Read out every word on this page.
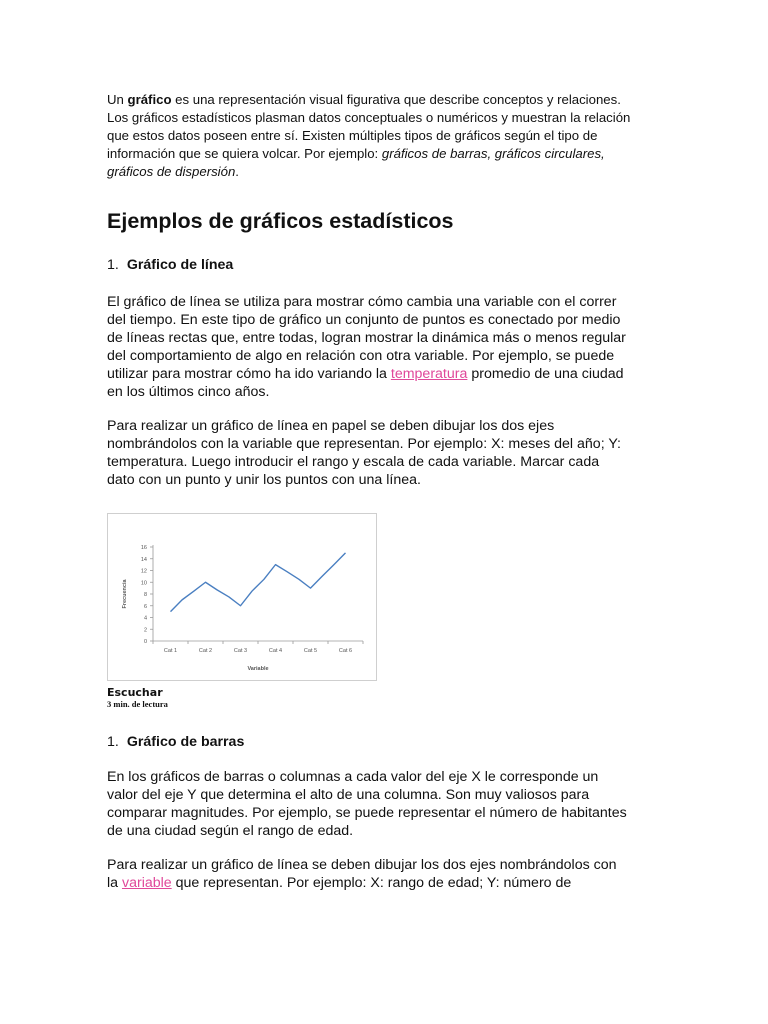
Un gráfico es una representación visual figurativa que describe conceptos y relaciones.
Los gráficos estadísticos plasman datos conceptuales o numéricos y muestran la relación
que estos datos poseen entre sí. Existen múltiples tipos de gráficos según el tipo de
información que se quiera volcar. Por ejemplo: gráficos de barras, gráficos circulares,
gráficos de dispersión.

Ejemplos de gráficos estadísticos
1. Gráfico de línea

El gráfico de línea se utiliza para mostrar cómo cambia una variable con el correr
del tiempo. En este tipo de gráfico un conjunto de puntos es conectado por medio
de líneas rectas que, entre todas, logran mostrar la dinámica más o menos regular
del comportamiento de algo en relación con otra variable. Por ejemplo, se puede
utilizar para mostrar cómo ha ido variando la temperatura promedio de una ciudad
en los últimos cinco años.

Para realizar un gráfico de línea en papel se deben dibujar los dos ejes
nombrándolos con la variable que representan. Por ejemplo: X: meses del año; Y:
temperatura. Luego introducir el rango y escala de cada variable. Marcar cada
dato con un punto y unir los puntos con una línea.

0
2
4
6
8
10
12
14
16
Cat 1	Cat 2	Cat 3	Cat 4	Cat 5	Cat 6
Variable
Frecuencia
Escuchar
3 min. de lectura
1. Gráfico de barras

En los gráficos de barras o columnas a cada valor del eje X le corresponde un
valor del eje Y que determina el alto de una columna. Son muy valiosos para
comparar magnitudes. Por ejemplo, se puede representar el número de habitantes
de una ciudad según el rango de edad.

Para realizar un gráfico de línea se deben dibujar los dos ejes nombrándolos con
la variable que representan. Por ejemplo: X: rango de edad; Y: número de
